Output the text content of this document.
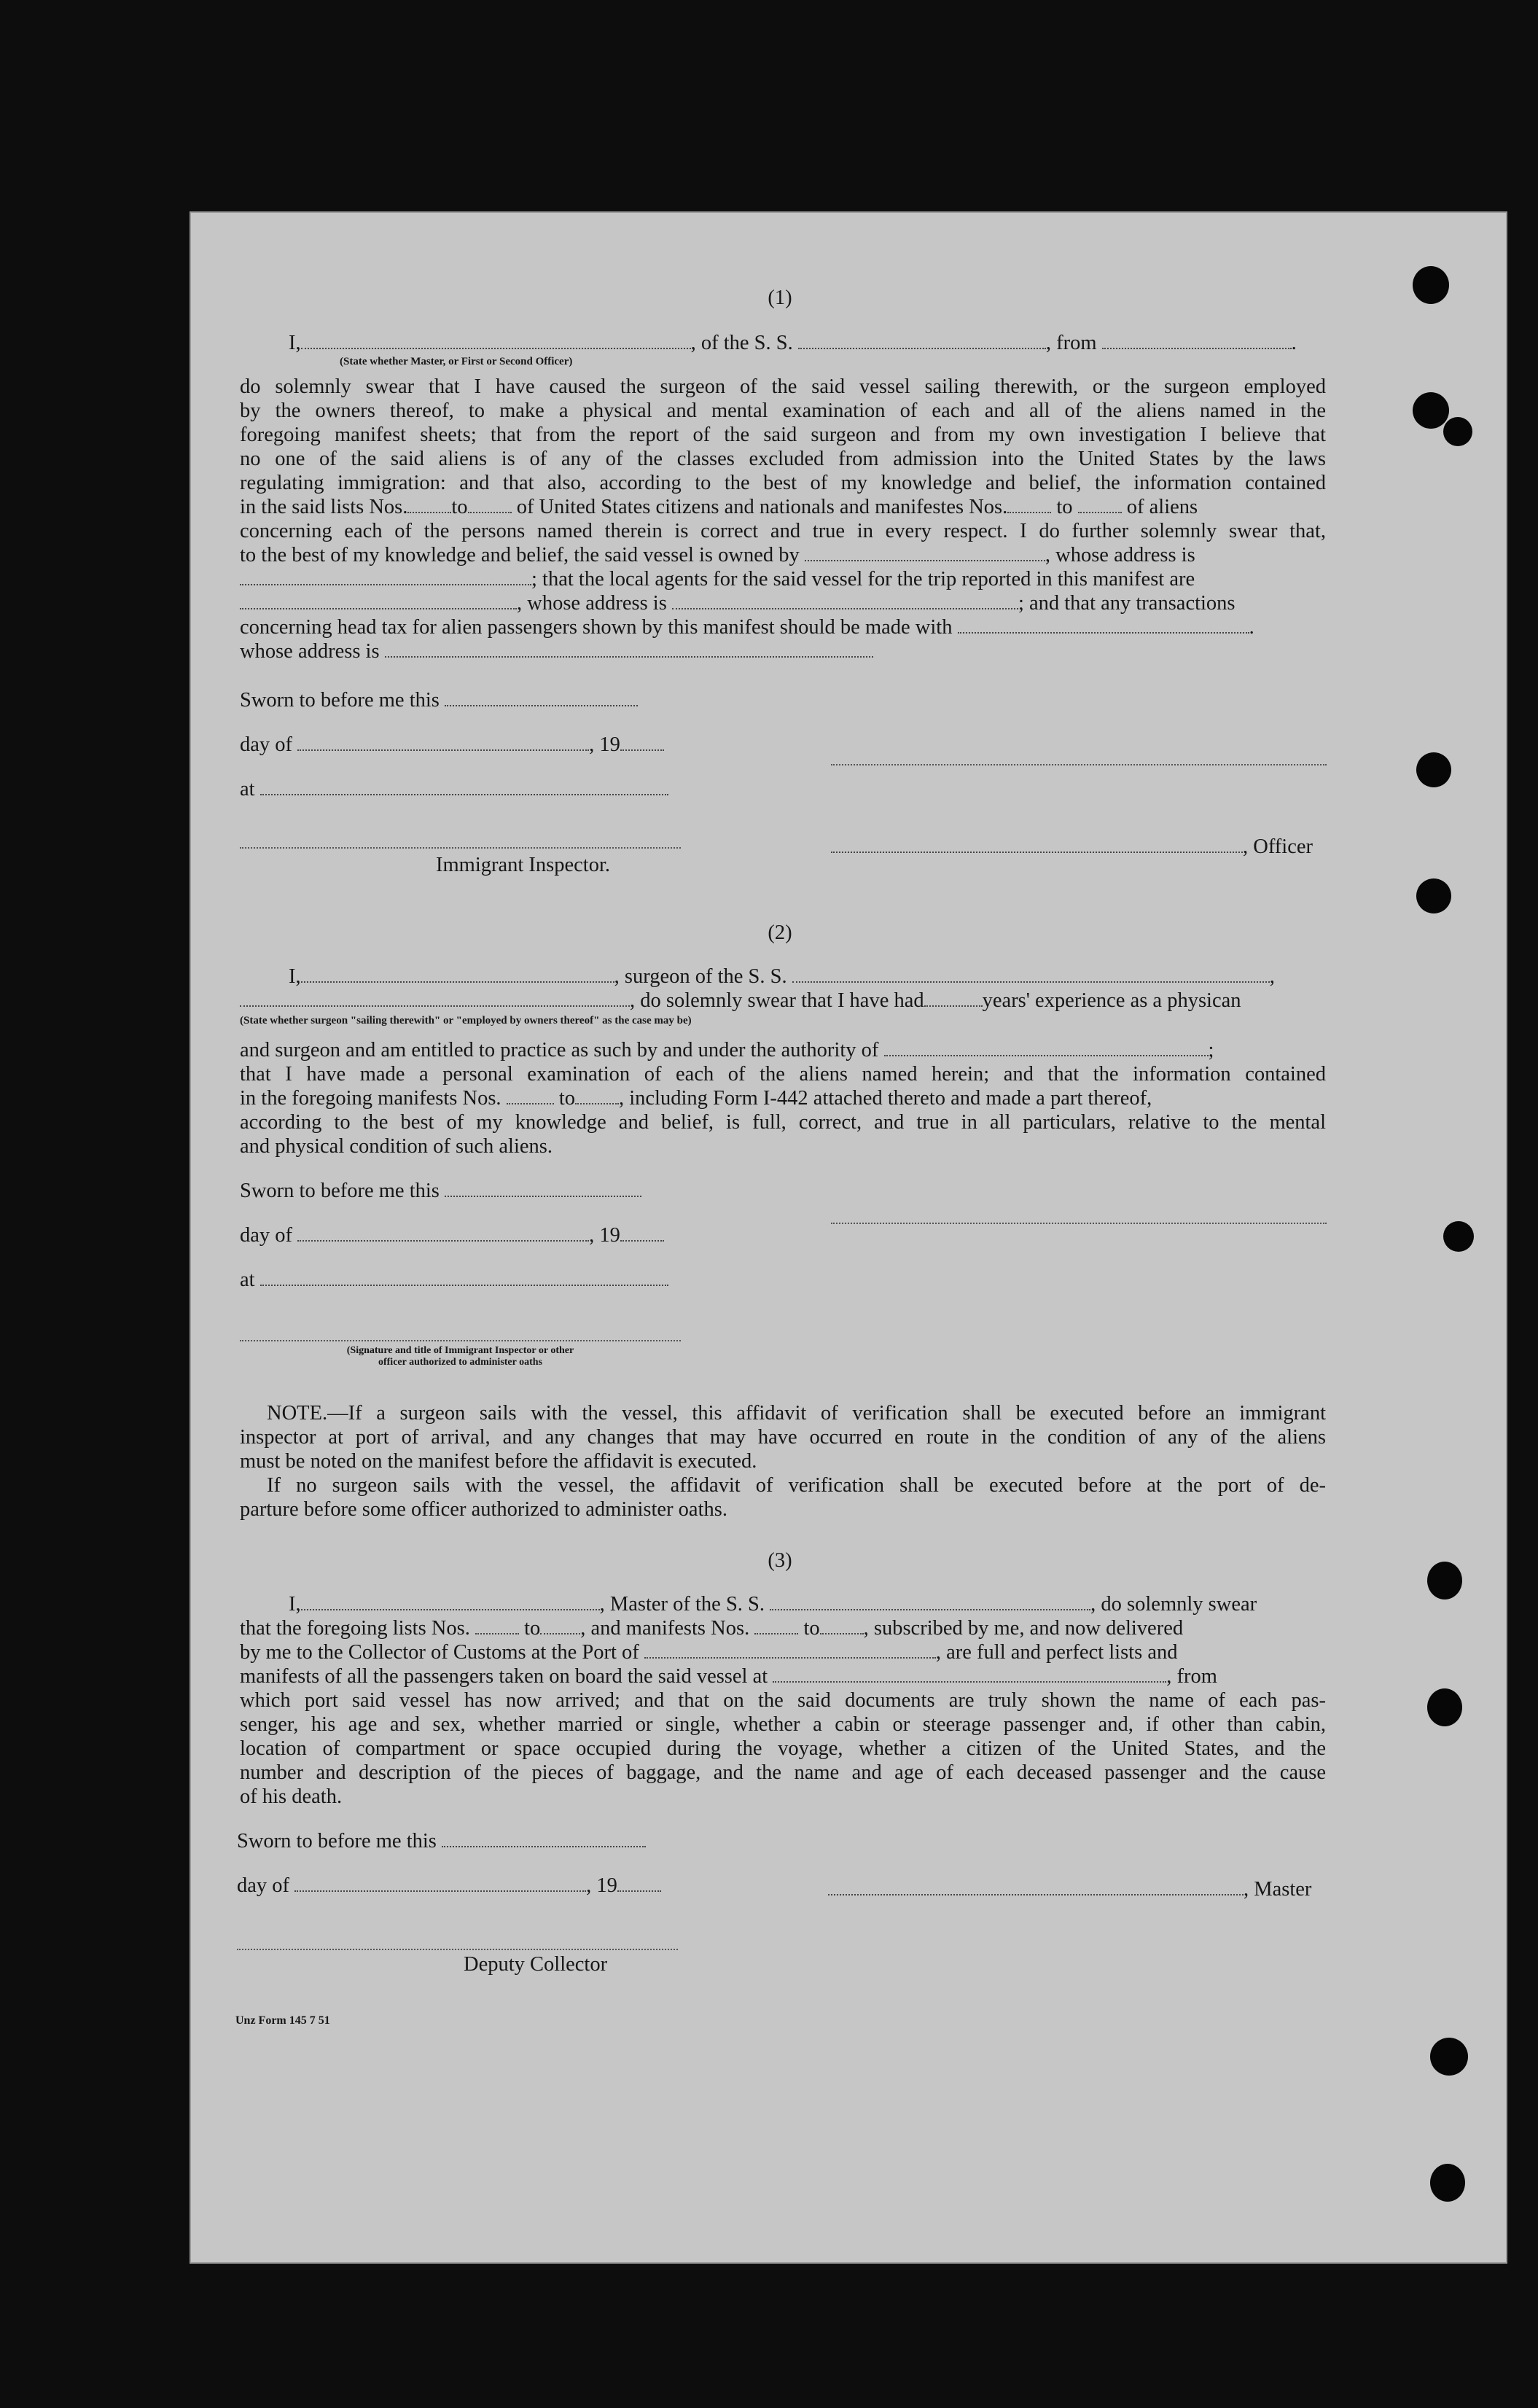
(1)
I,	, of the S. S.	, from	.
(State whether Master, or First or Second Officer)
do solemnly swear that I have caused the surgeon of the said vessel sailing therewith, or the surgeon employed
by the owners thereof, to make a physical and mental examination of each and all of the aliens named in the
foregoing manifest sheets; that from the report of the said surgeon and from my own investigation I believe that
no one of the said aliens is of any of the classes excluded from admission into the United States by the laws
regulating immigration: and that also, according to the best of my knowledge and belief, the information contained
in the said lists Nos. to of United States citizens and nationals and manifestes Nos. to	of aliens
concerning each of the persons named therein is correct and true in every respect. I do further solemnly swear that,
to the best of my knowledge and belief, the said vessel is owned by	, whose address is
; that the local agents for the said vessel for the trip reported in this manifest are
, whose address is	; and that any transactions
concerning head tax for alien passengers shown by this manifest should be made with	.
whose address is
Sworn to before me this
day of	, 19
at
, Officer
Immigrant Inspector.
(2)
I,	, surgeon of the S. S.	,
, do solemnly swear that I have had	years' experience as a physican
(State whether surgeon "sailing therewith" or "employed by owners thereof" as the case may be)
and surgeon and am entitled to practice as such by and under the authority of	;
that I have made a personal examination of each of the aliens named herein; and that the information contained
in the foregoing manifests Nos.	to , including Form I-442 attached thereto and made a part thereof,
according to the best of my knowledge and belief, is full, correct, and true in all particulars, relative to the mental
and physical condition of such aliens.
Sworn to before me this
day of	, 19
at
(Signature and title of Immigrant Inspector or other
officer authorized to administer oaths
NOTE.—If a surgeon sails with the vessel, this affidavit of verification shall be executed before an immigrant
inspector at port of arrival, and any changes that may have occurred en route in the condition of any of the aliens
must be noted on the manifest before the affidavit is executed.
If no surgeon sails with the vessel, the affidavit of verification shall be executed before at the port of de-
parture before some officer authorized to administer oaths.
(3)
I,	, Master of the S. S.	, do solemnly swear
that the foregoing lists Nos.	to , and manifests Nos.	to , subscribed by me, and now delivered
by me to the Collector of Customs at the Port of	, are full and perfect lists and
manifests of all the passengers taken on board the said vessel at	, from
which port said vessel has now arrived; and that on the said documents are truly shown the name of each pas-
senger, his age and sex, whether married or single, whether a cabin or steerage passenger and, if other than cabin,
location of compartment or space occupied during the voyage, whether a citizen of the United States, and the
number and description of the pieces of baggage, and the name and age of each deceased passenger and the cause
of his death.
Sworn to before me this
day of	, 19	, Master
Deputy Collector
Unz Form 145 7 51
